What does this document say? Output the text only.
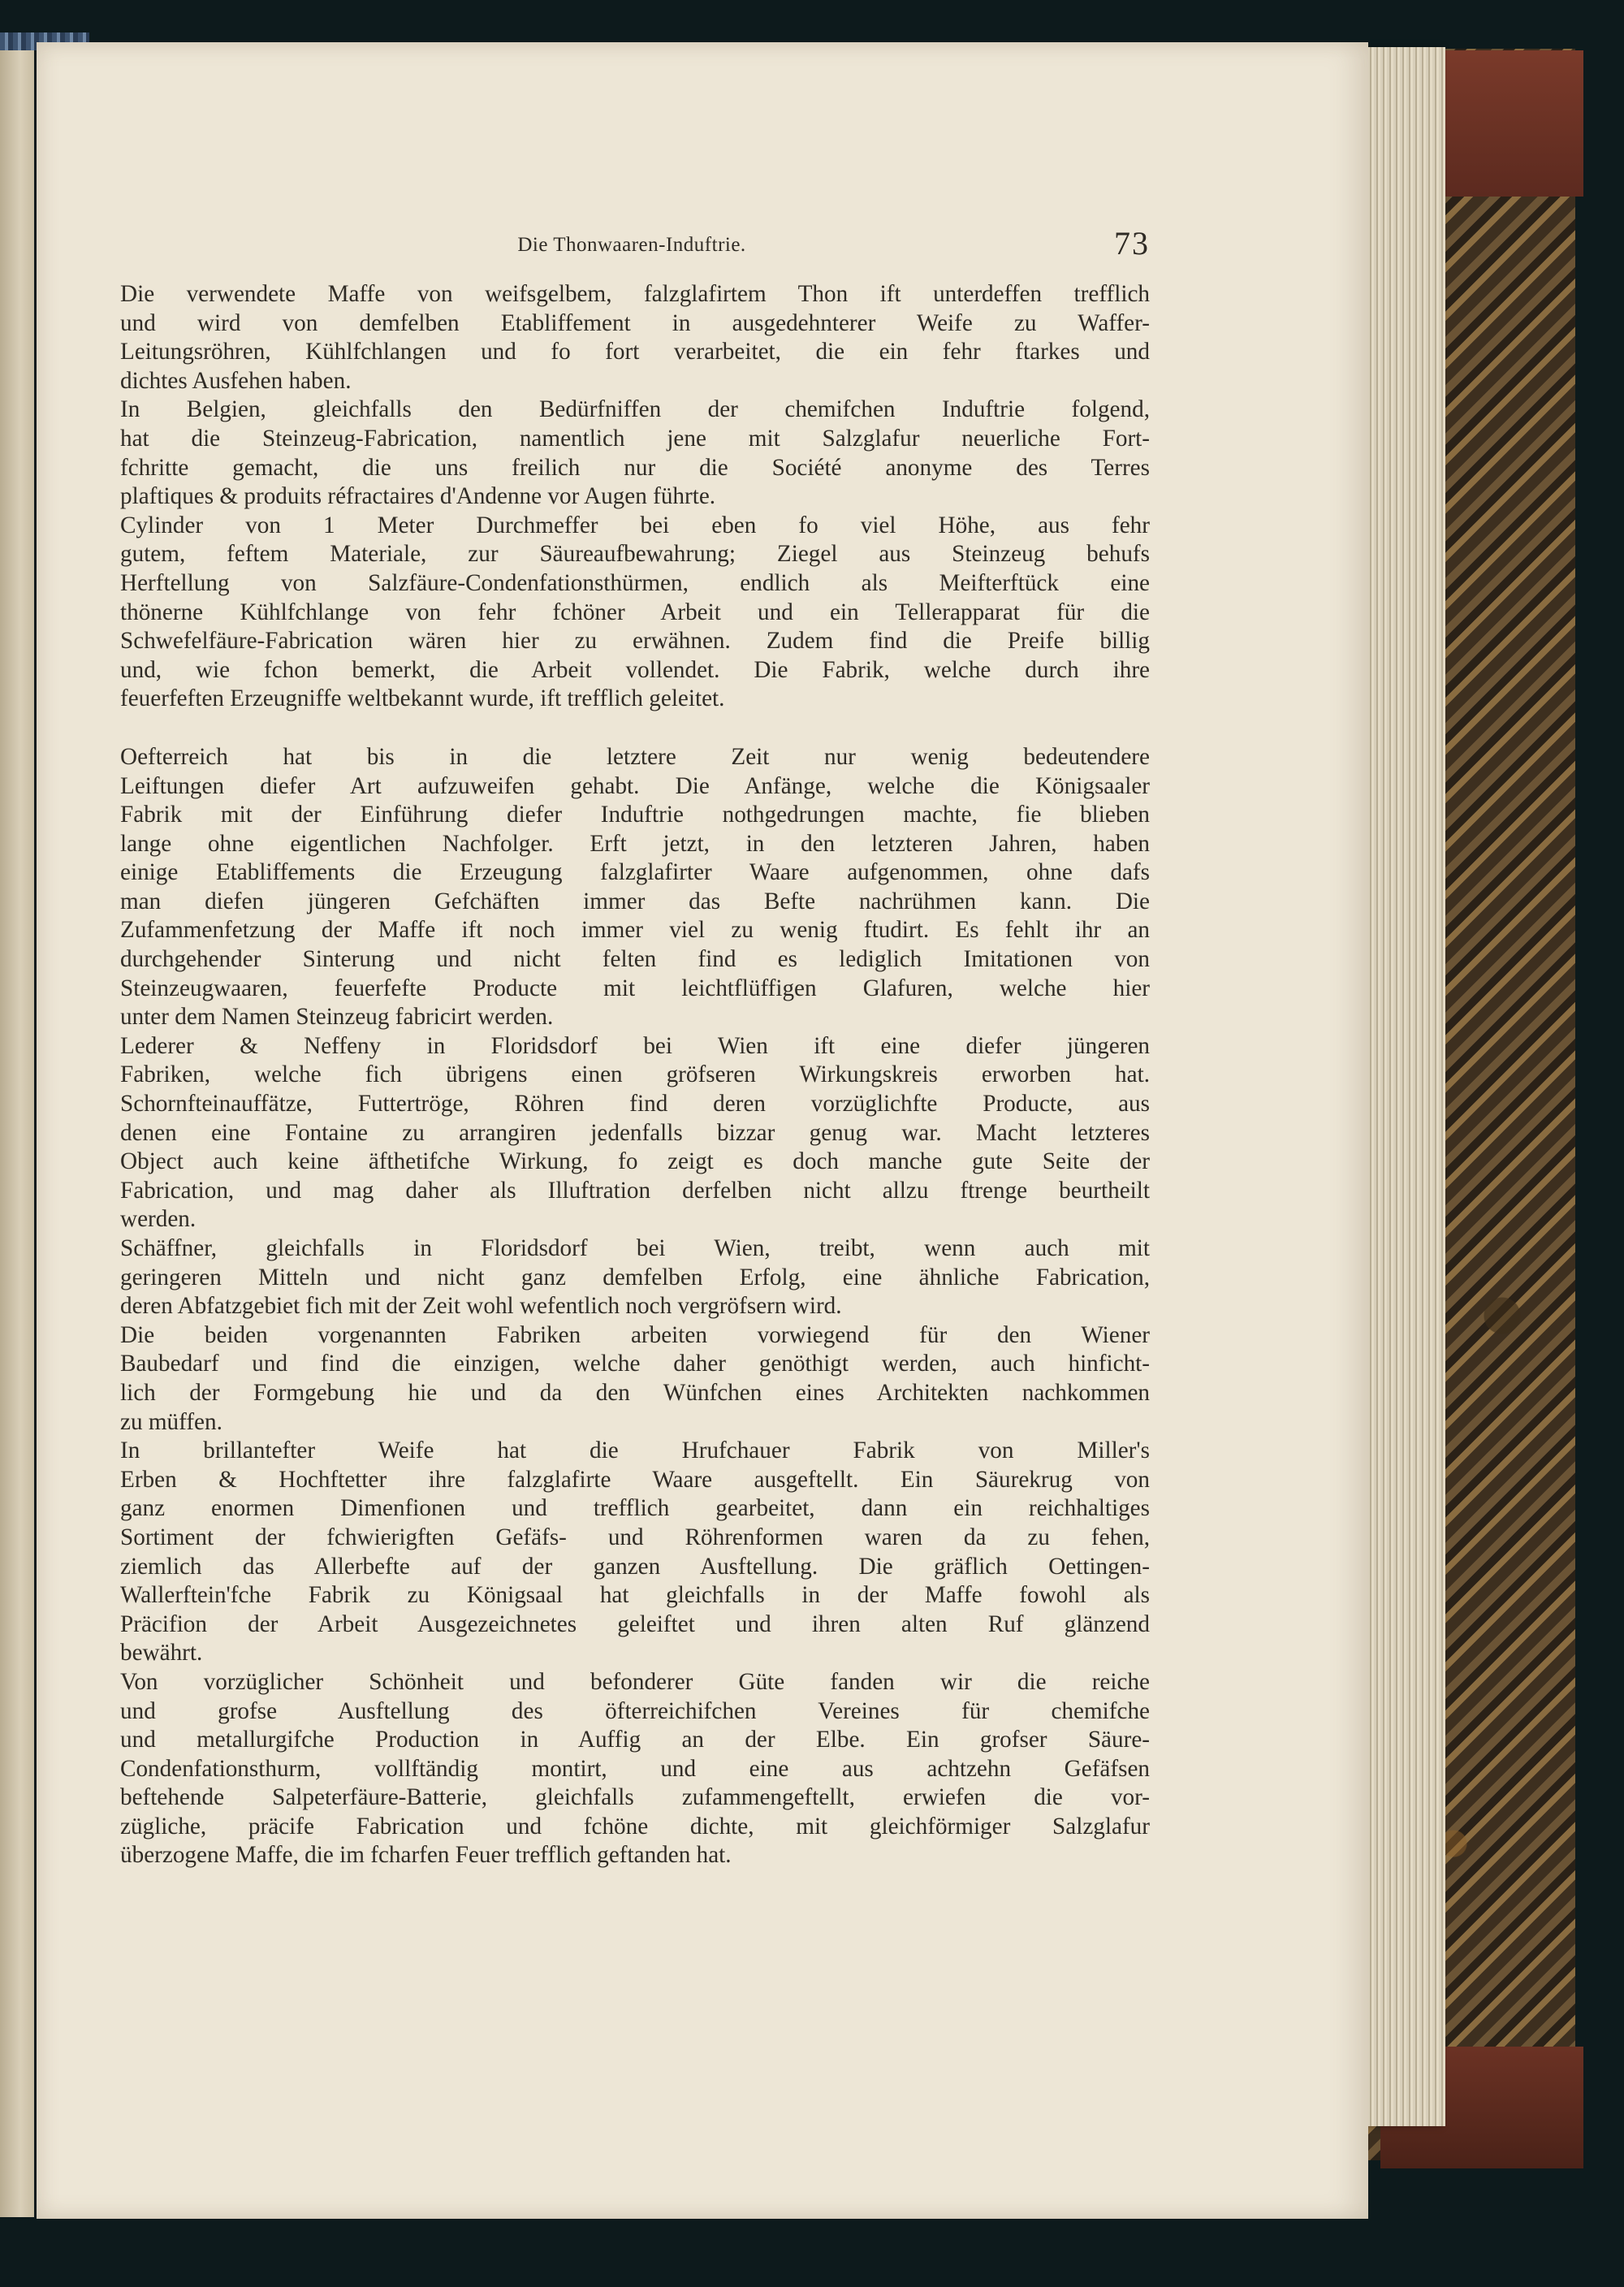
Die Thonwaaren-Induftrie.	73
Die verwendete Maffe von weifsgelbem, falzglafirtem Thon ift unterdeffen trefflich
und wird von demfelben Etabliffement in ausgedehnterer Weife zu Waffer-
Leitungsröhren, Kühlfchlangen und fo fort verarbeitet, die ein fehr ftarkes und
dichtes Ausfehen haben.
In Belgien, gleichfalls den Bedürfniffen der chemifchen Induftrie folgend,
hat die Steinzeug-Fabrication, namentlich jene mit Salzglafur neuerliche Fort-
fchritte gemacht, die uns freilich nur die Société anonyme des Terres
plaftiques & produits réfractaires d'Andenne vor Augen führte.
Cylinder von 1 Meter Durchmeffer bei eben fo viel Höhe, aus fehr
gutem, feftem Materiale, zur Säureaufbewahrung; Ziegel aus Steinzeug behufs
Herftellung von Salzfäure-Condenfationsthürmen, endlich als Meifterftück eine
thönerne Kühlfchlange von fehr fchöner Arbeit und ein Tellerapparat für die
Schwefelfäure-Fabrication wären hier zu erwähnen. Zudem find die Preife billig
und, wie fchon bemerkt, die Arbeit vollendet. Die Fabrik, welche durch ihre
feuerfeften Erzeugniffe weltbekannt wurde, ift trefflich geleitet.
Oefterreich hat bis in die letztere Zeit nur wenig bedeutendere
Leiftungen diefer Art aufzuweifen gehabt. Die Anfänge, welche die Königsaaler
Fabrik mit der Einführung diefer Induftrie nothgedrungen machte, fie blieben
lange ohne eigentlichen Nachfolger. Erft jetzt, in den letzteren Jahren, haben
einige Etabliffements die Erzeugung falzglafirter Waare aufgenommen, ohne dafs
man diefen jüngeren Gefchäften immer das Befte nachrühmen kann. Die
Zufammenfetzung der Maffe ift noch immer viel zu wenig ftudirt. Es fehlt ihr an
durchgehender Sinterung und nicht felten find es lediglich Imitationen von
Steinzeugwaaren, feuerfefte Producte mit leichtflüffigen Glafuren, welche hier
unter dem Namen Steinzeug fabricirt werden.
Lederer & Neffeny in Floridsdorf bei Wien ift eine diefer jüngeren
Fabriken, welche fich übrigens einen gröfseren Wirkungskreis erworben hat.
Schornfteinauffätze, Futtertröge, Röhren find deren vorzüglichfte Producte, aus
denen eine Fontaine zu arrangiren jedenfalls bizzar genug war. Macht letzteres
Object auch keine äfthetifche Wirkung, fo zeigt es doch manche gute Seite der
Fabrication, und mag daher als Illuftration derfelben nicht allzu ftrenge beurtheilt
werden.
Schäffner, gleichfalls in Floridsdorf bei Wien, treibt, wenn auch mit
geringeren Mitteln und nicht ganz demfelben Erfolg, eine ähnliche Fabrication,
deren Abfatzgebiet fich mit der Zeit wohl wefentlich noch vergröfsern wird.
Die beiden vorgenannten Fabriken arbeiten vorwiegend für den Wiener
Baubedarf und find die einzigen, welche daher genöthigt werden, auch hinficht-
lich der Formgebung hie und da den Wünfchen eines Architekten nachkommen
zu müffen.
In brillantefter Weife hat die Hrufchauer Fabrik von Miller's
Erben & Hochftetter ihre falzglafirte Waare ausgeftellt. Ein Säurekrug von
ganz enormen Dimenfionen und trefflich gearbeitet, dann ein reichhaltiges
Sortiment der fchwierigften Gefäfs- und Röhrenformen waren da zu fehen,
ziemlich das Allerbefte auf der ganzen Ausftellung. Die gräflich Oettingen-
Wallerftein'fche Fabrik zu Königsaal hat gleichfalls in der Maffe fowohl als
Präcifion der Arbeit Ausgezeichnetes geleiftet und ihren alten Ruf glänzend
bewährt.
Von vorzüglicher Schönheit und befonderer Güte fanden wir die reiche
und grofse Ausftellung des öfterreichifchen Vereines für chemifche
und metallurgifche Production in Auffig an der Elbe. Ein grofser Säure-
Condenfationsthurm, vollftändig montirt, und eine aus achtzehn Gefäfsen
beftehende Salpeterfäure-Batterie, gleichfalls zufammengeftellt, erwiefen die vor-
zügliche, präcife Fabrication und fchöne dichte, mit gleichförmiger Salzglafur
überzogene Maffe, die im fcharfen Feuer trefflich geftanden hat.
